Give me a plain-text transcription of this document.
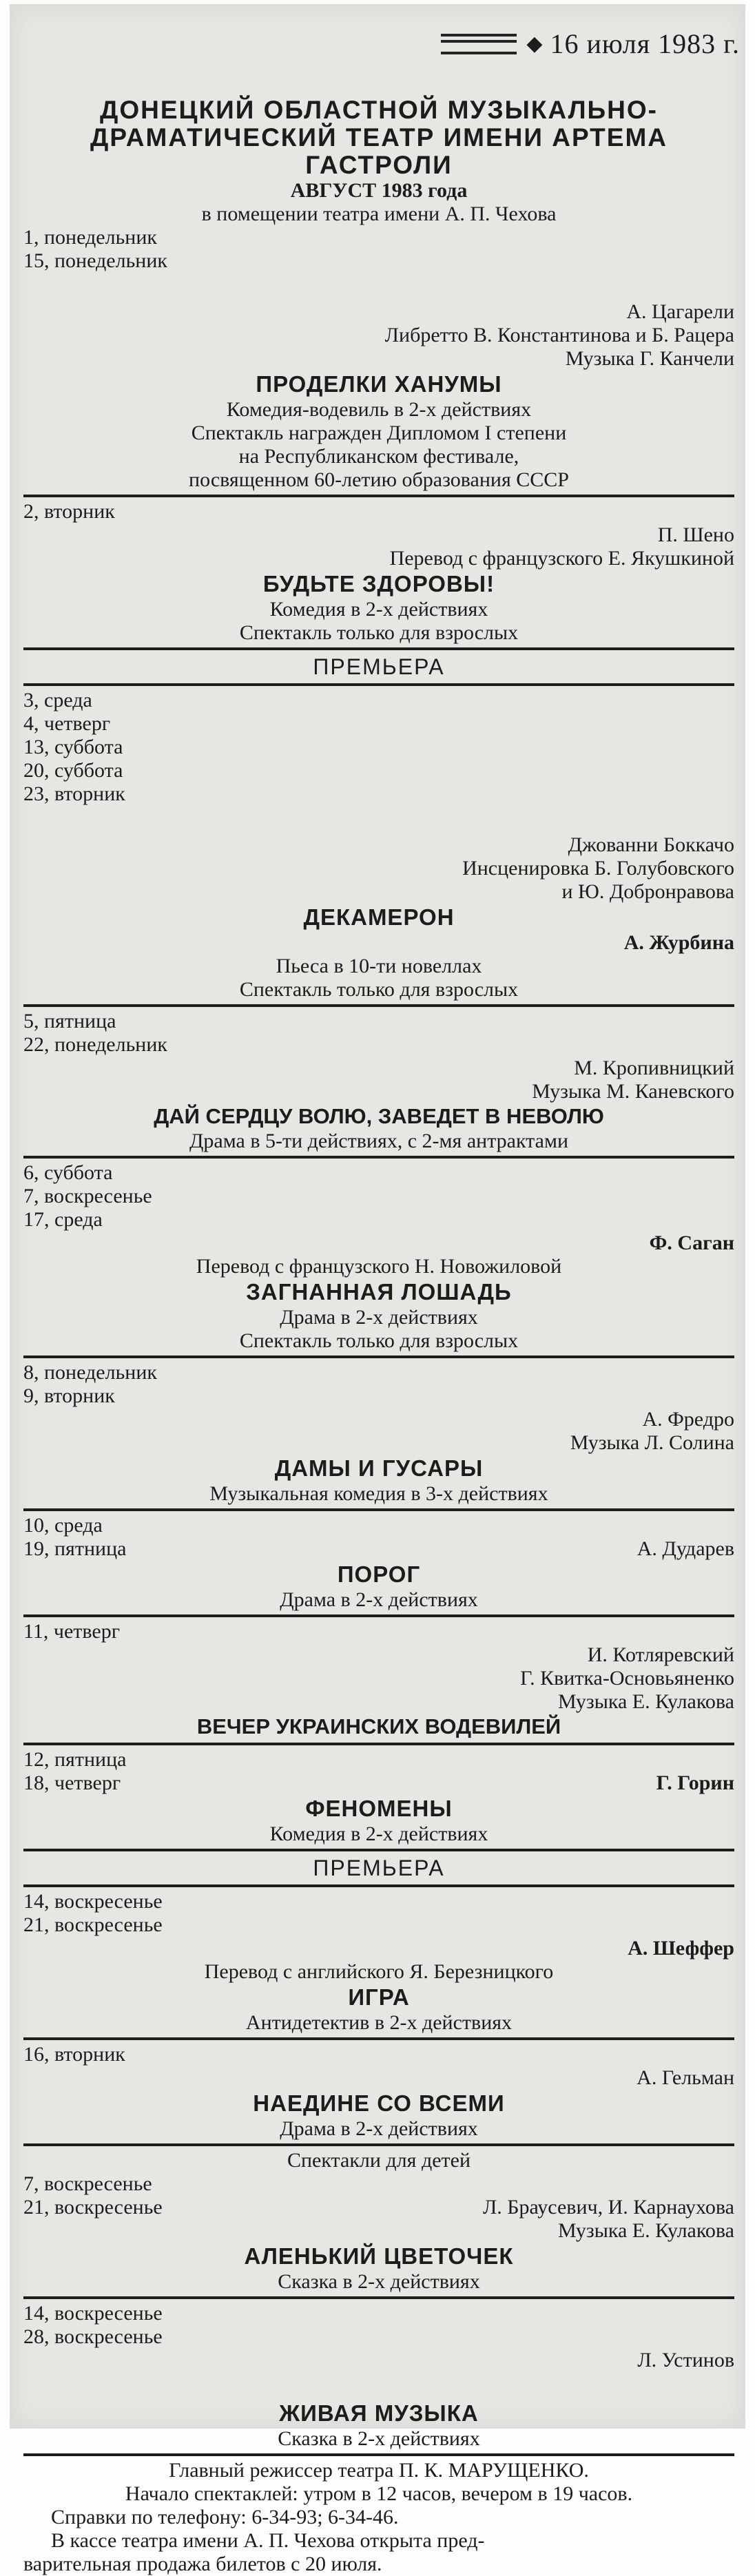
◆ 16 июля 1983 г.
ДОНЕЦКИЙ ОБЛАСТНОЙ МУЗЫКАЛЬНО-
ДРАМАТИЧЕСКИЙ ТЕАТР ИМЕНИ АРТЕМА
ГАСТРОЛИ
АВГУСТ 1983 года
в помещении театра имени А. П. Чехова
1, понедельник
15, понедельник
А. Цагарели
Либретто В. Константинова и Б. Рацера
Музыка Г. Канчели
ПРОДЕЛКИ ХАНУМЫ
Комедия-водевиль в 2-х действиях
Спектакль награжден Дипломом I степени
на Республиканском фестивале,
посвященном 60-летию образования СССР
2, вторник
П. Шено
Перевод с французского Е. Якушкиной
БУДЬТЕ ЗДОРОВЫ!
Комедия в 2-х действиях
Спектакль только для взрослых
ПРЕМЬЕРА
3, среда
4, четверг
13, суббота
20, суббота
23, вторник
Джованни Боккачо
Инсценировка Б. Голубовского
и Ю. Добронравова
ДЕКАМЕРОН
А. Журбина
Пьеса в 10-ти новеллах
Спектакль только для взрослых
5, пятница
22, понедельник
М. Кропивницкий
Музыка М. Каневского
ДАЙ СЕРДЦУ ВОЛЮ, ЗАВЕДЕТ В НЕВОЛЮ
Драма в 5-ти действиях, с 2-мя антрактами
6, суббота
7, воскресенье
17, среда
Ф. Саган
Перевод с французского Н. Новожиловой
ЗАГНАННАЯ ЛОШАДЬ
Драма в 2-х действиях
Спектакль только для взрослых
8, понедельник
9, вторник
А. Фредро
Музыка Л. Солина
ДАМЫ И ГУСАРЫ
Музыкальная комедия в 3-х действиях
10, среда
19, пятница	А. Дударев
ПОРОГ
Драма в 2-х действиях
11, четверг
И. Котляревский
Г. Квитка-Основьяненко
Музыка Е. Кулакова
ВЕЧЕР УКРАИНСКИХ ВОДЕВИЛЕЙ
12, пятница
18, четверг	Г. Горин
ФЕНОМЕНЫ
Комедия в 2-х действиях
ПРЕМЬЕРА
14, воскресенье
21, воскресенье
А. Шеффер
Перевод с английского Я. Березницкого
ИГРА
Антидетектив в 2-х действиях
16, вторник
А. Гельман
НАЕДИНЕ СО ВСЕМИ
Драма в 2-х действиях
Спектакли для детей
7, воскресенье
21, воскресенье	Л. Браусевич, И. Карнаухова
Музыка Е. Кулакова
АЛЕНЬКИЙ ЦВЕТОЧЕК
Сказка в 2-х действиях
14, воскресенье
28, воскресенье
Л. Устинов
ЖИВАЯ МУЗЫКА
Сказка в 2-х действиях
Главный режиссер театра П. К. МАРУЩЕНКО.
Начало спектаклей: утром в 12 часов, вечером в 19 часов.
Справки по телефону: 6-34-93; 6-34-46.
В кассе театра имени А. П. Чехова открыта пред-
варительная продажа билетов с 20 июля.
